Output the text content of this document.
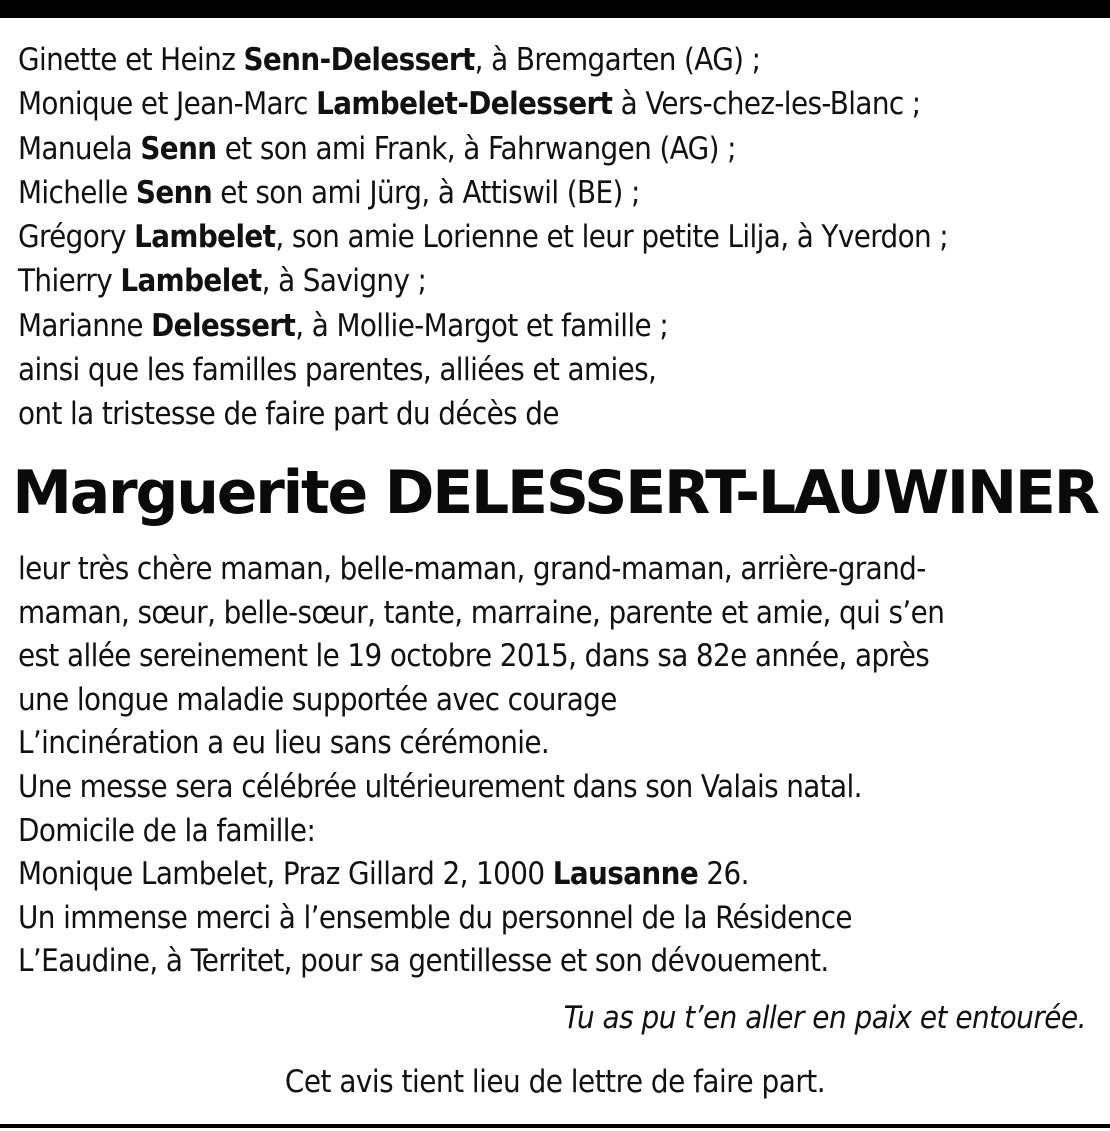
Ginette et Heinz Senn-Delessert, à Bremgarten (AG) ;
Monique et Jean-Marc Lambelet-Delessert à Vers-chez-les-Blanc ;
Manuela Senn et son ami Frank, à Fahrwangen (AG) ;
Michelle Senn et son ami Jürg, à Attiswil (BE) ;
Grégory Lambelet, son amie Lorienne et leur petite Lilja, à Yverdon ;
Thierry Lambelet, à Savigny ;
Marianne Delessert, à Mollie-Margot et famille ;
ainsi que les familles parentes, alliées et amies,
ont la tristesse de faire part du décès de
Marguerite DELESSERT-LAUWINER
leur très chère maman, belle-maman, grand-maman, arrière-grand-
maman, sœur, belle-sœur, tante, marraine, parente et amie, qui s’en
est allée sereinement le 19 octobre 2015, dans sa 82e année, après
une longue maladie supportée avec courage
L’incinération a eu lieu sans cérémonie.
Une messe sera célébrée ultérieurement dans son Valais natal.
Domicile de la famille:
Monique Lambelet, Praz Gillard 2, 1000 Lausanne 26.
Un immense merci à l’ensemble du personnel de la Résidence
L’Eaudine, à Territet, pour sa gentillesse et son dévouement.
Tu as pu t’en aller en paix et entourée.
Cet avis tient lieu de lettre de faire part.
